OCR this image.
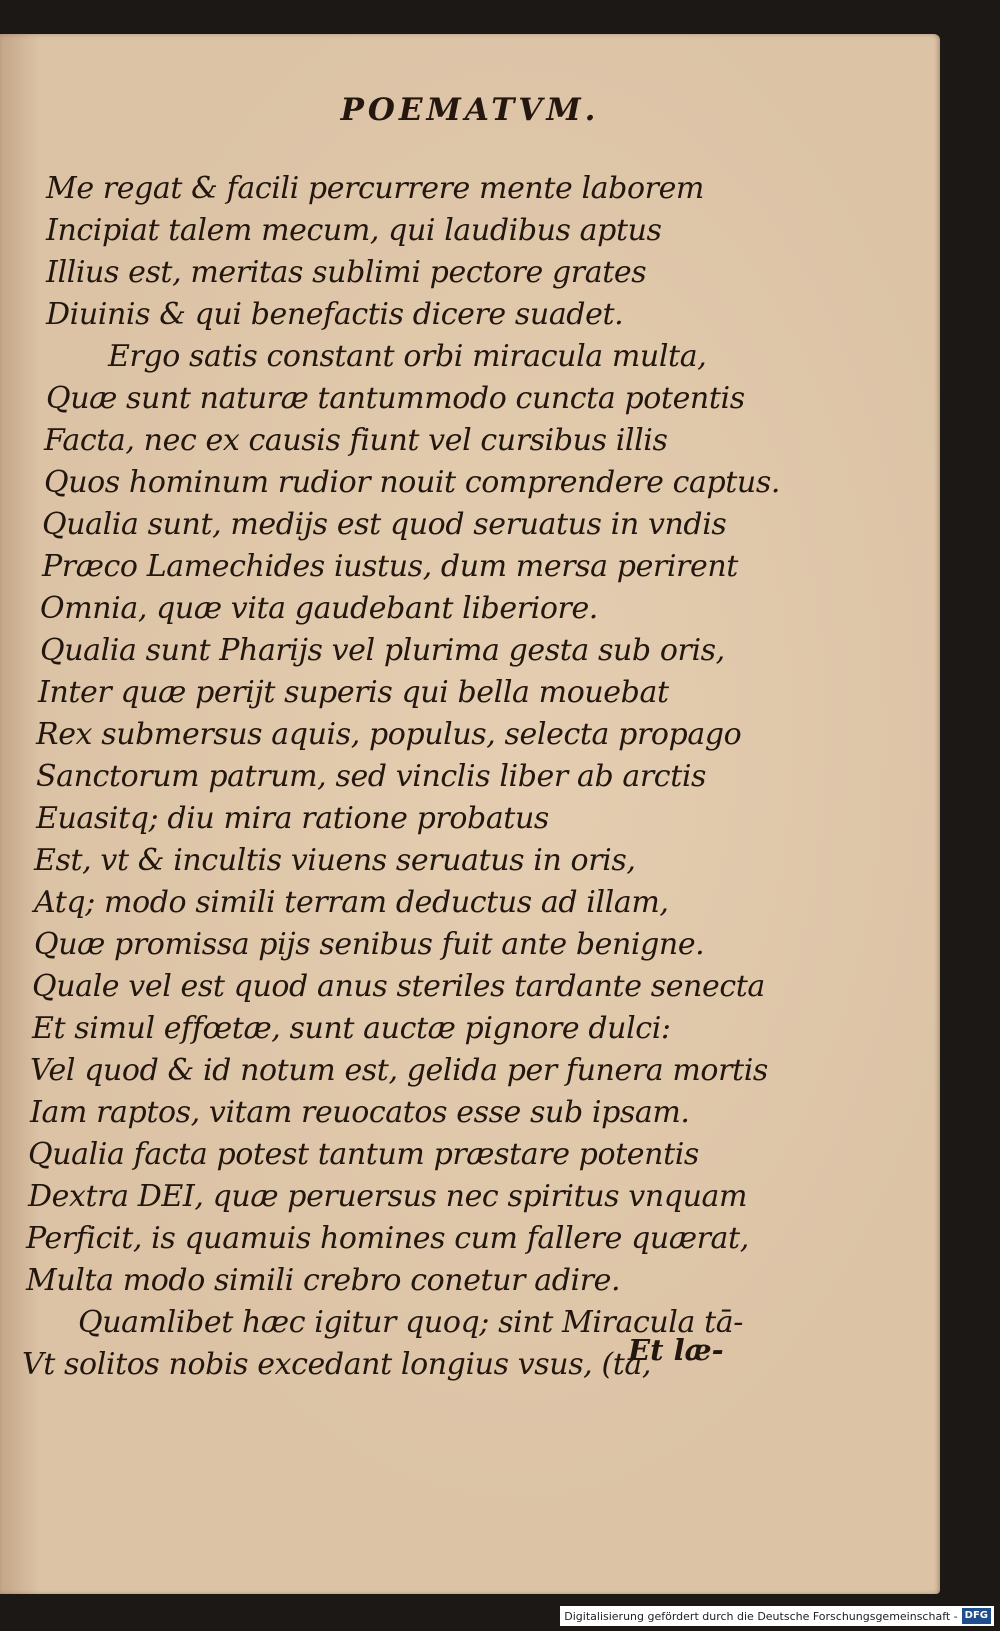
POEMATVM.
Me regat & facili percurrere mente laborem
Incipiat talem mecum, qui laudibus aptus
Illius est, meritas sublimi pectore grates
Diuinis & qui benefactis dicere suadet.
Ergo satis constant orbi miracula multa,
Quæ sunt naturæ tantummodo cuncta potentis
Facta, nec ex causis fiunt vel cursibus illis
Quos hominum rudior nouit comprendere captus.
Qualia sunt, medijs est quod seruatus in vndis
Præco Lamechides iustus, dum mersa perirent
Omnia, quæ vita gaudebant liberiore.
Qualia sunt Pharijs vel plurima gesta sub oris,
Inter quæ perijt superis qui bella mouebat
Rex submersus aquis, populus, selecta propago
Sanctorum patrum, sed vinclis liber ab arctis
Euasitq; diu mira ratione probatus
Est, vt & incultis viuens seruatus in oris,
Atq; modo simili terram deductus ad illam,
Quæ promissa pijs senibus fuit ante benigne.
Quale vel est quod anus steriles tardante senecta
Et simul effœtæ, sunt auctæ pignore dulci:
Vel quod & id notum est, gelida per funera mortis
Iam raptos, vitam reuocatos esse sub ipsam.
Qualia facta potest tantum præstare potentis
Dextra DEI, quæ peruersus nec spiritus vnquam
Perficit, is quamuis homines cum fallere quærat,
Multa modo simili crebro conetur adire.
Quamlibet hæc igitur quoq; sint Miracula tā-
Vt solitos nobis excedant longius vsus, (ta,
Et læ-
Digitalisierung gefördert durch die Deutsche Forschungsgemeinschaft - DFG
